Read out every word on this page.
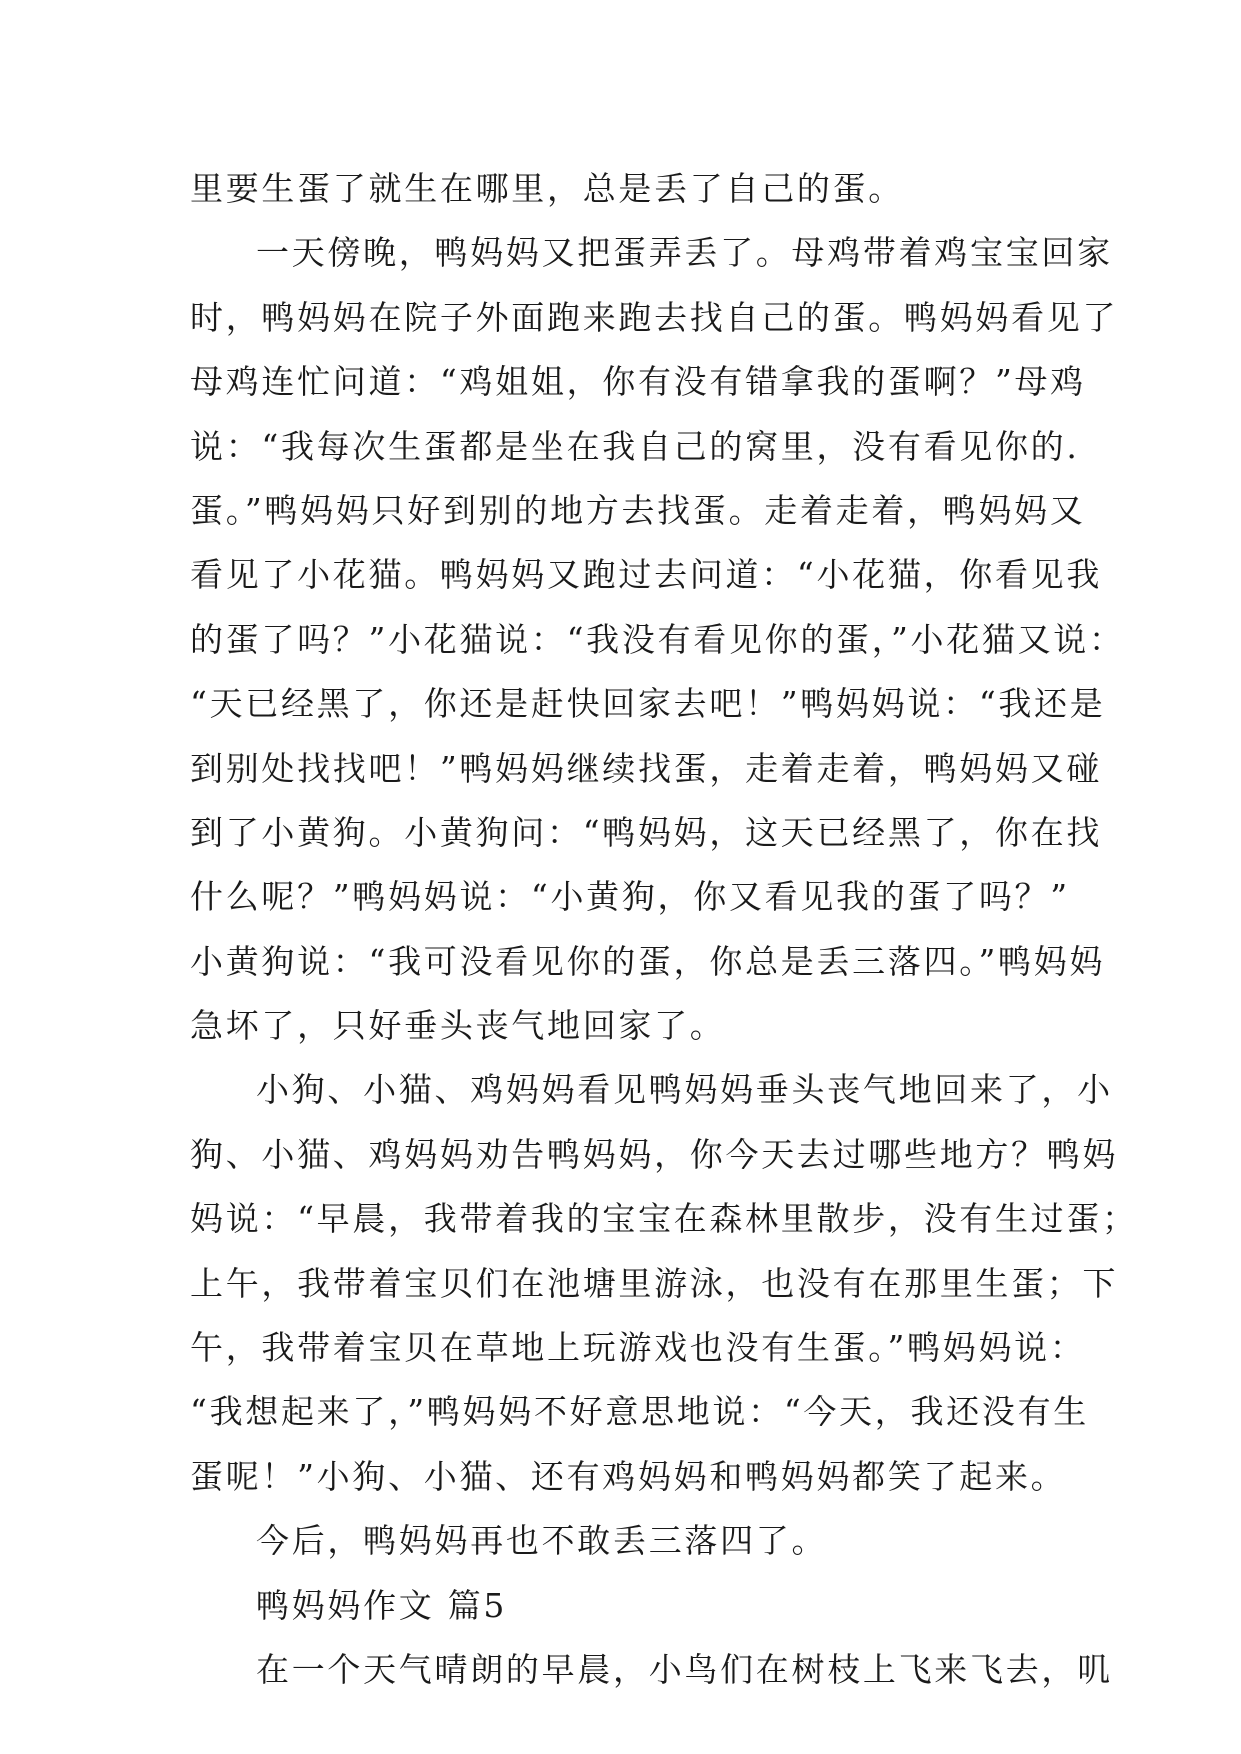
里要生蛋了就生在哪里，总是丢了自己的蛋。
一天傍晚，鸭妈妈又把蛋弄丢了。母鸡带着鸡宝宝回家
时，鸭妈妈在院子外面跑来跑去找自己的蛋。鸭妈妈看见了
母鸡连忙问道：“鸡姐姐，你有没有错拿我的蛋啊？”母鸡
说：“我每次生蛋都是坐在我自己的窝里，没有看见你的.
蛋。”鸭妈妈只好到别的地方去找蛋。走着走着，鸭妈妈又
看见了小花猫。鸭妈妈又跑过去问道：“小花猫，你看见我
的蛋了吗？”小花猫说：“我没有看见你的蛋，”小花猫又说：
“天已经黑了，你还是赶快回家去吧！”鸭妈妈说：“我还是
到别处找找吧！”鸭妈妈继续找蛋，走着走着，鸭妈妈又碰
到了小黄狗。小黄狗问：“鸭妈妈，这天已经黑了，你在找
什么呢？”鸭妈妈说：“小黄狗，你又看见我的蛋了吗？”
小黄狗说：“我可没看见你的蛋，你总是丢三落四。”鸭妈妈
急坏了，只好垂头丧气地回家了。
小狗、小猫、鸡妈妈看见鸭妈妈垂头丧气地回来了，小
狗、小猫、鸡妈妈劝告鸭妈妈，你今天去过哪些地方？鸭妈
妈说：“早晨，我带着我的宝宝在森林里散步，没有生过蛋；
上午，我带着宝贝们在池塘里游泳，也没有在那里生蛋；下
午，我带着宝贝在草地上玩游戏也没有生蛋。”鸭妈妈说：
“我想起来了，”鸭妈妈不好意思地说：“今天，我还没有生
蛋呢！”小狗、小猫、还有鸡妈妈和鸭妈妈都笑了起来。
今后，鸭妈妈再也不敢丢三落四了。
鸭妈妈作文 篇5
在一个天气晴朗的早晨，小鸟们在树枝上飞来飞去，叽
